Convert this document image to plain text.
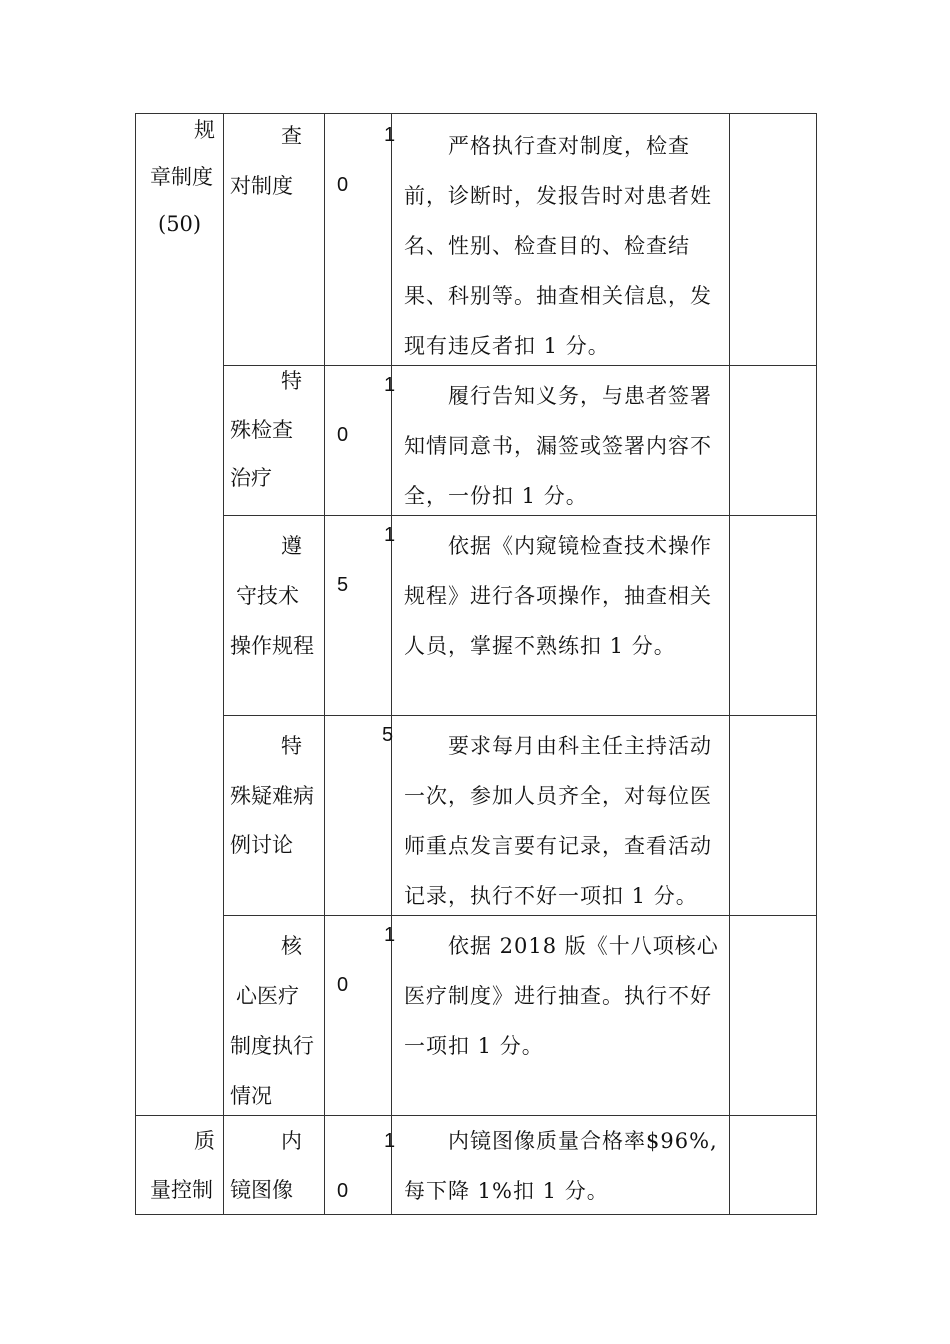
规
章制度
(50)
质
量控制
查
对制度
1
0
严格执行查对制度，检查
前，诊断时，发报告时对患者姓
名、性别、检查目的、检查结
果、科别等。抽查相关信息，发
现有违反者扣 1 分。
特
殊检查
治疗
1
0
履行告知义务，与患者签署
知情同意书，漏签或签署内容不
全，一份扣 1 分。
遵
守技术
操作规程
1
5
依据《内窥镜检查技术操作
规程》进行各项操作，抽查相关
人员，掌握不熟练扣 1 分。
特
殊疑难病
例讨论
5	要求每月由科主任主持活动
一次，参加人员齐全，对每位医
师重点发言要有记录，查看活动
记录，执行不好一项扣 1 分。
核
心医疗
制度执行
情况
1
0
依据 2018 版《十八项核心
医疗制度》进行抽查。执行不好
一项扣 1 分。
内
镜图像
1
0
内镜图像质量合格率$96%,
每下降 1%扣 1 分。
